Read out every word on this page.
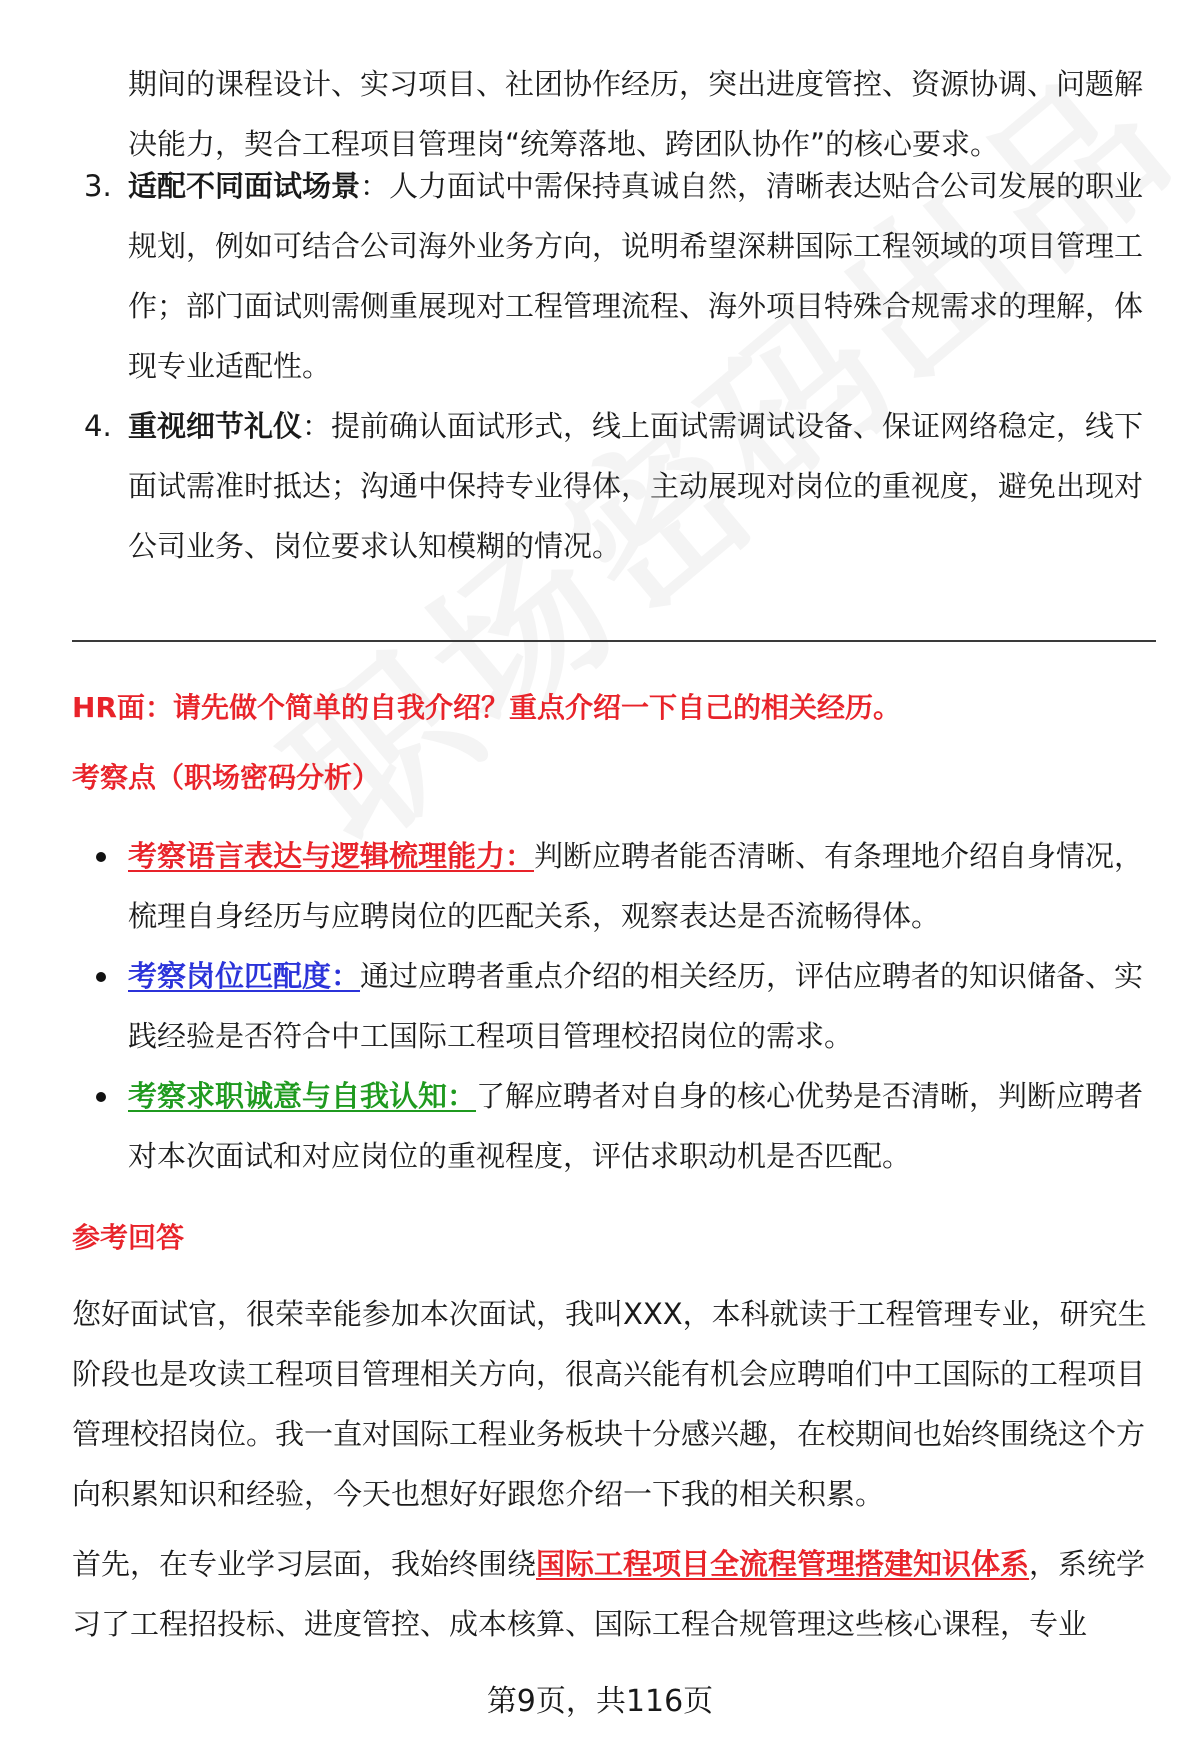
期间的课程设计、实习项目、社团协作经历，突出进度管控、资源协调、问题解决能力，契合工程项目管理岗“统筹落地、跨团队协作”的核心要求。

3. 适配不同面试场景：人力面试中需保持真诚自然，清晰表达贴合公司发展的职业规划，例如可结合公司海外业务方向，说明希望深耕国际工程领域的项目管理工作；部门面试则需侧重展现对工程管理流程、海外项目特殊合规需求的理解，体现专业适配性。
4. 重视细节礼仪：提前确认面试形式，线上面试需调试设备、保证网络稳定，线下面试需准时抵达；沟通中保持专业得体，主动展现对岗位的重视度，避免出现对公司业务、岗位要求认知模糊的情况。

HR面：请先做个简单的自我介绍？重点介绍一下自己的相关经历。

考察点（职场密码分析）

考察语言表达与逻辑梳理能力：判断应聘者能否清晰、有条理地介绍自身情况，梳理自身经历与应聘岗位的匹配关系，观察表达是否流畅得体。
考察岗位匹配度：通过应聘者重点介绍的相关经历，评估应聘者的知识储备、实践经验是否符合中工国际工程项目管理校招岗位的需求。
考察求职诚意与自我认知：了解应聘者对自身的核心优势是否清晰，判断应聘者对本次面试和对应岗位的重视程度，评估求职动机是否匹配。

参考回答

您好面试官，很荣幸能参加本次面试，我叫XXX，本科就读于工程管理专业，研究生阶段也是攻读工程项目管理相关方向，很高兴能有机会应聘咱们中工国际的工程项目管理校招岗位。我一直对国际工程业务板块十分感兴趣，在校期间也始终围绕这个方向积累知识和经验，今天也想好好跟您介绍一下我的相关积累。

首先，在专业学习层面，我始终围绕国际工程项目全流程管理搭建知识体系，系统学习了工程招投标、进度管控、成本核算、国际工程合规管理这些核心课程，专业

第9页，共116页
